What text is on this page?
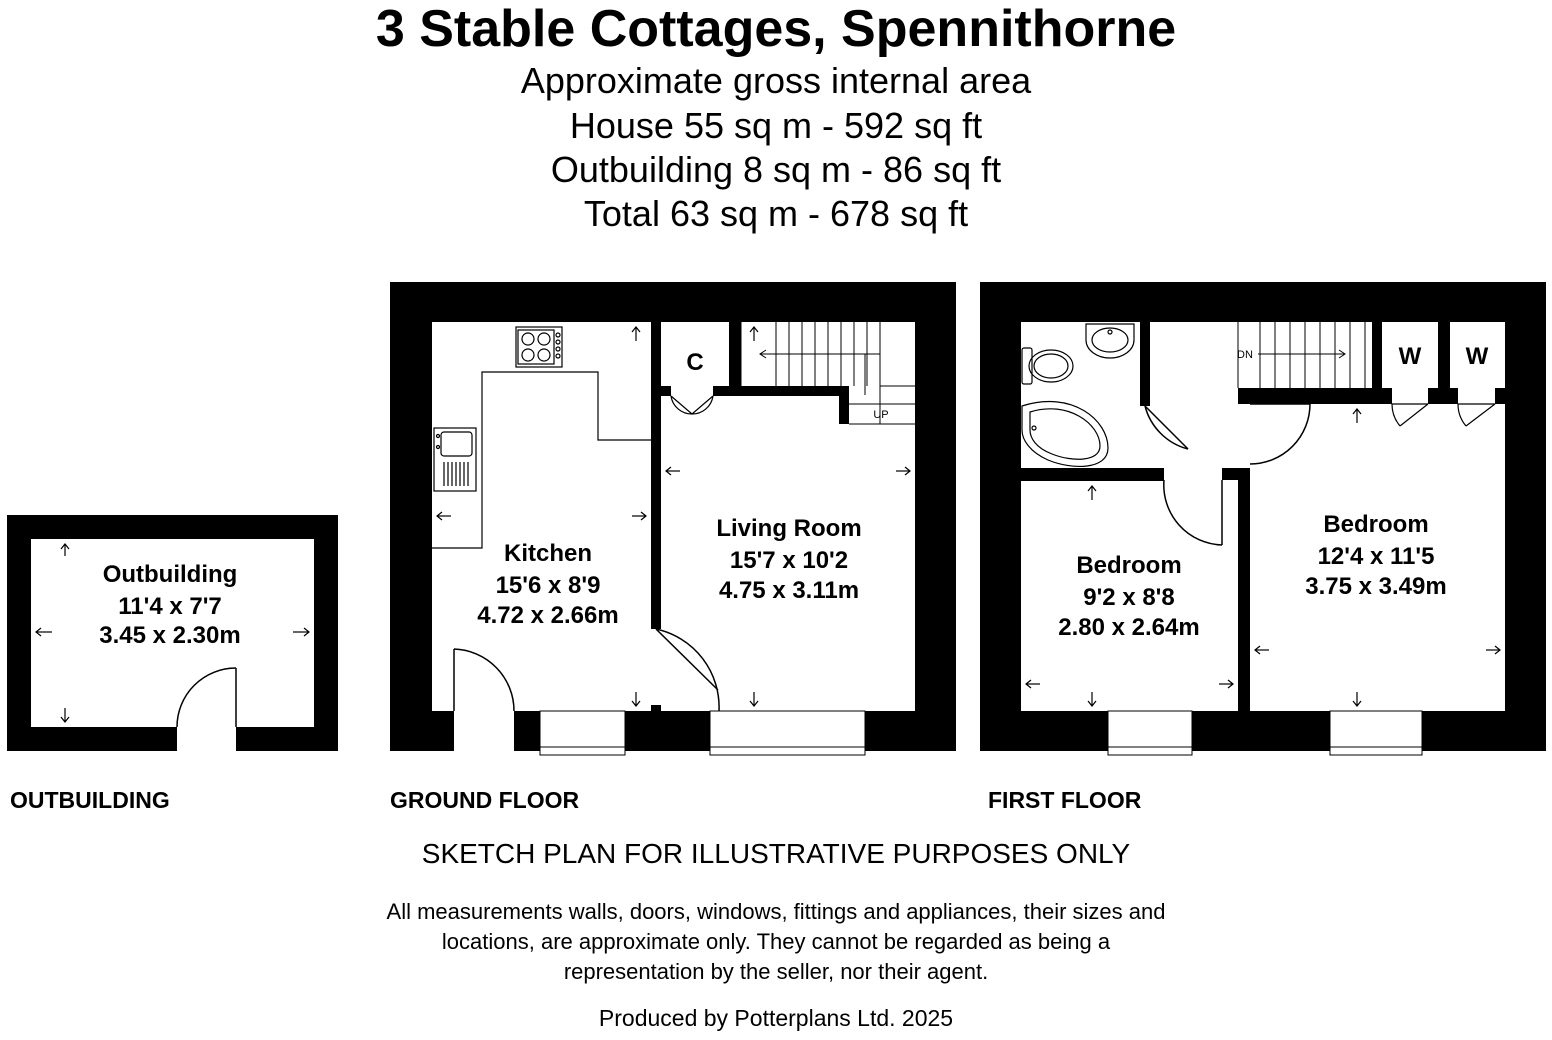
3 Stable Cottages, Spennithorne
Approximate gross internal area
House 55 sq m - 592 sq ft
Outbuilding 8 sq m - 86 sq ft
Total 63 sq m - 678 sq ft
Outbuilding
11'4 x 7'7
3.45 x 2.30m
UP
C
Kitchen
15'6 x 8'9
4.72 x 2.66m
Living Room
15'7 x 10'2
4.75 x 3.11m
W W
DN
Bedroom
9'2 x 8'8
2.80 x 2.64m
Bedroom
12'4 x 11'5
3.75 x 3.49m
OUTBUILDING	GROUND FLOOR	FIRST FLOOR
SKETCH PLAN FOR ILLUSTRATIVE PURPOSES ONLY
All measurements walls, doors, windows, fittings and appliances, their sizes and
locations, are approximate only. They cannot be regarded as being a
representation by the seller, nor their agent.
Produced by Potterplans Ltd. 2025
